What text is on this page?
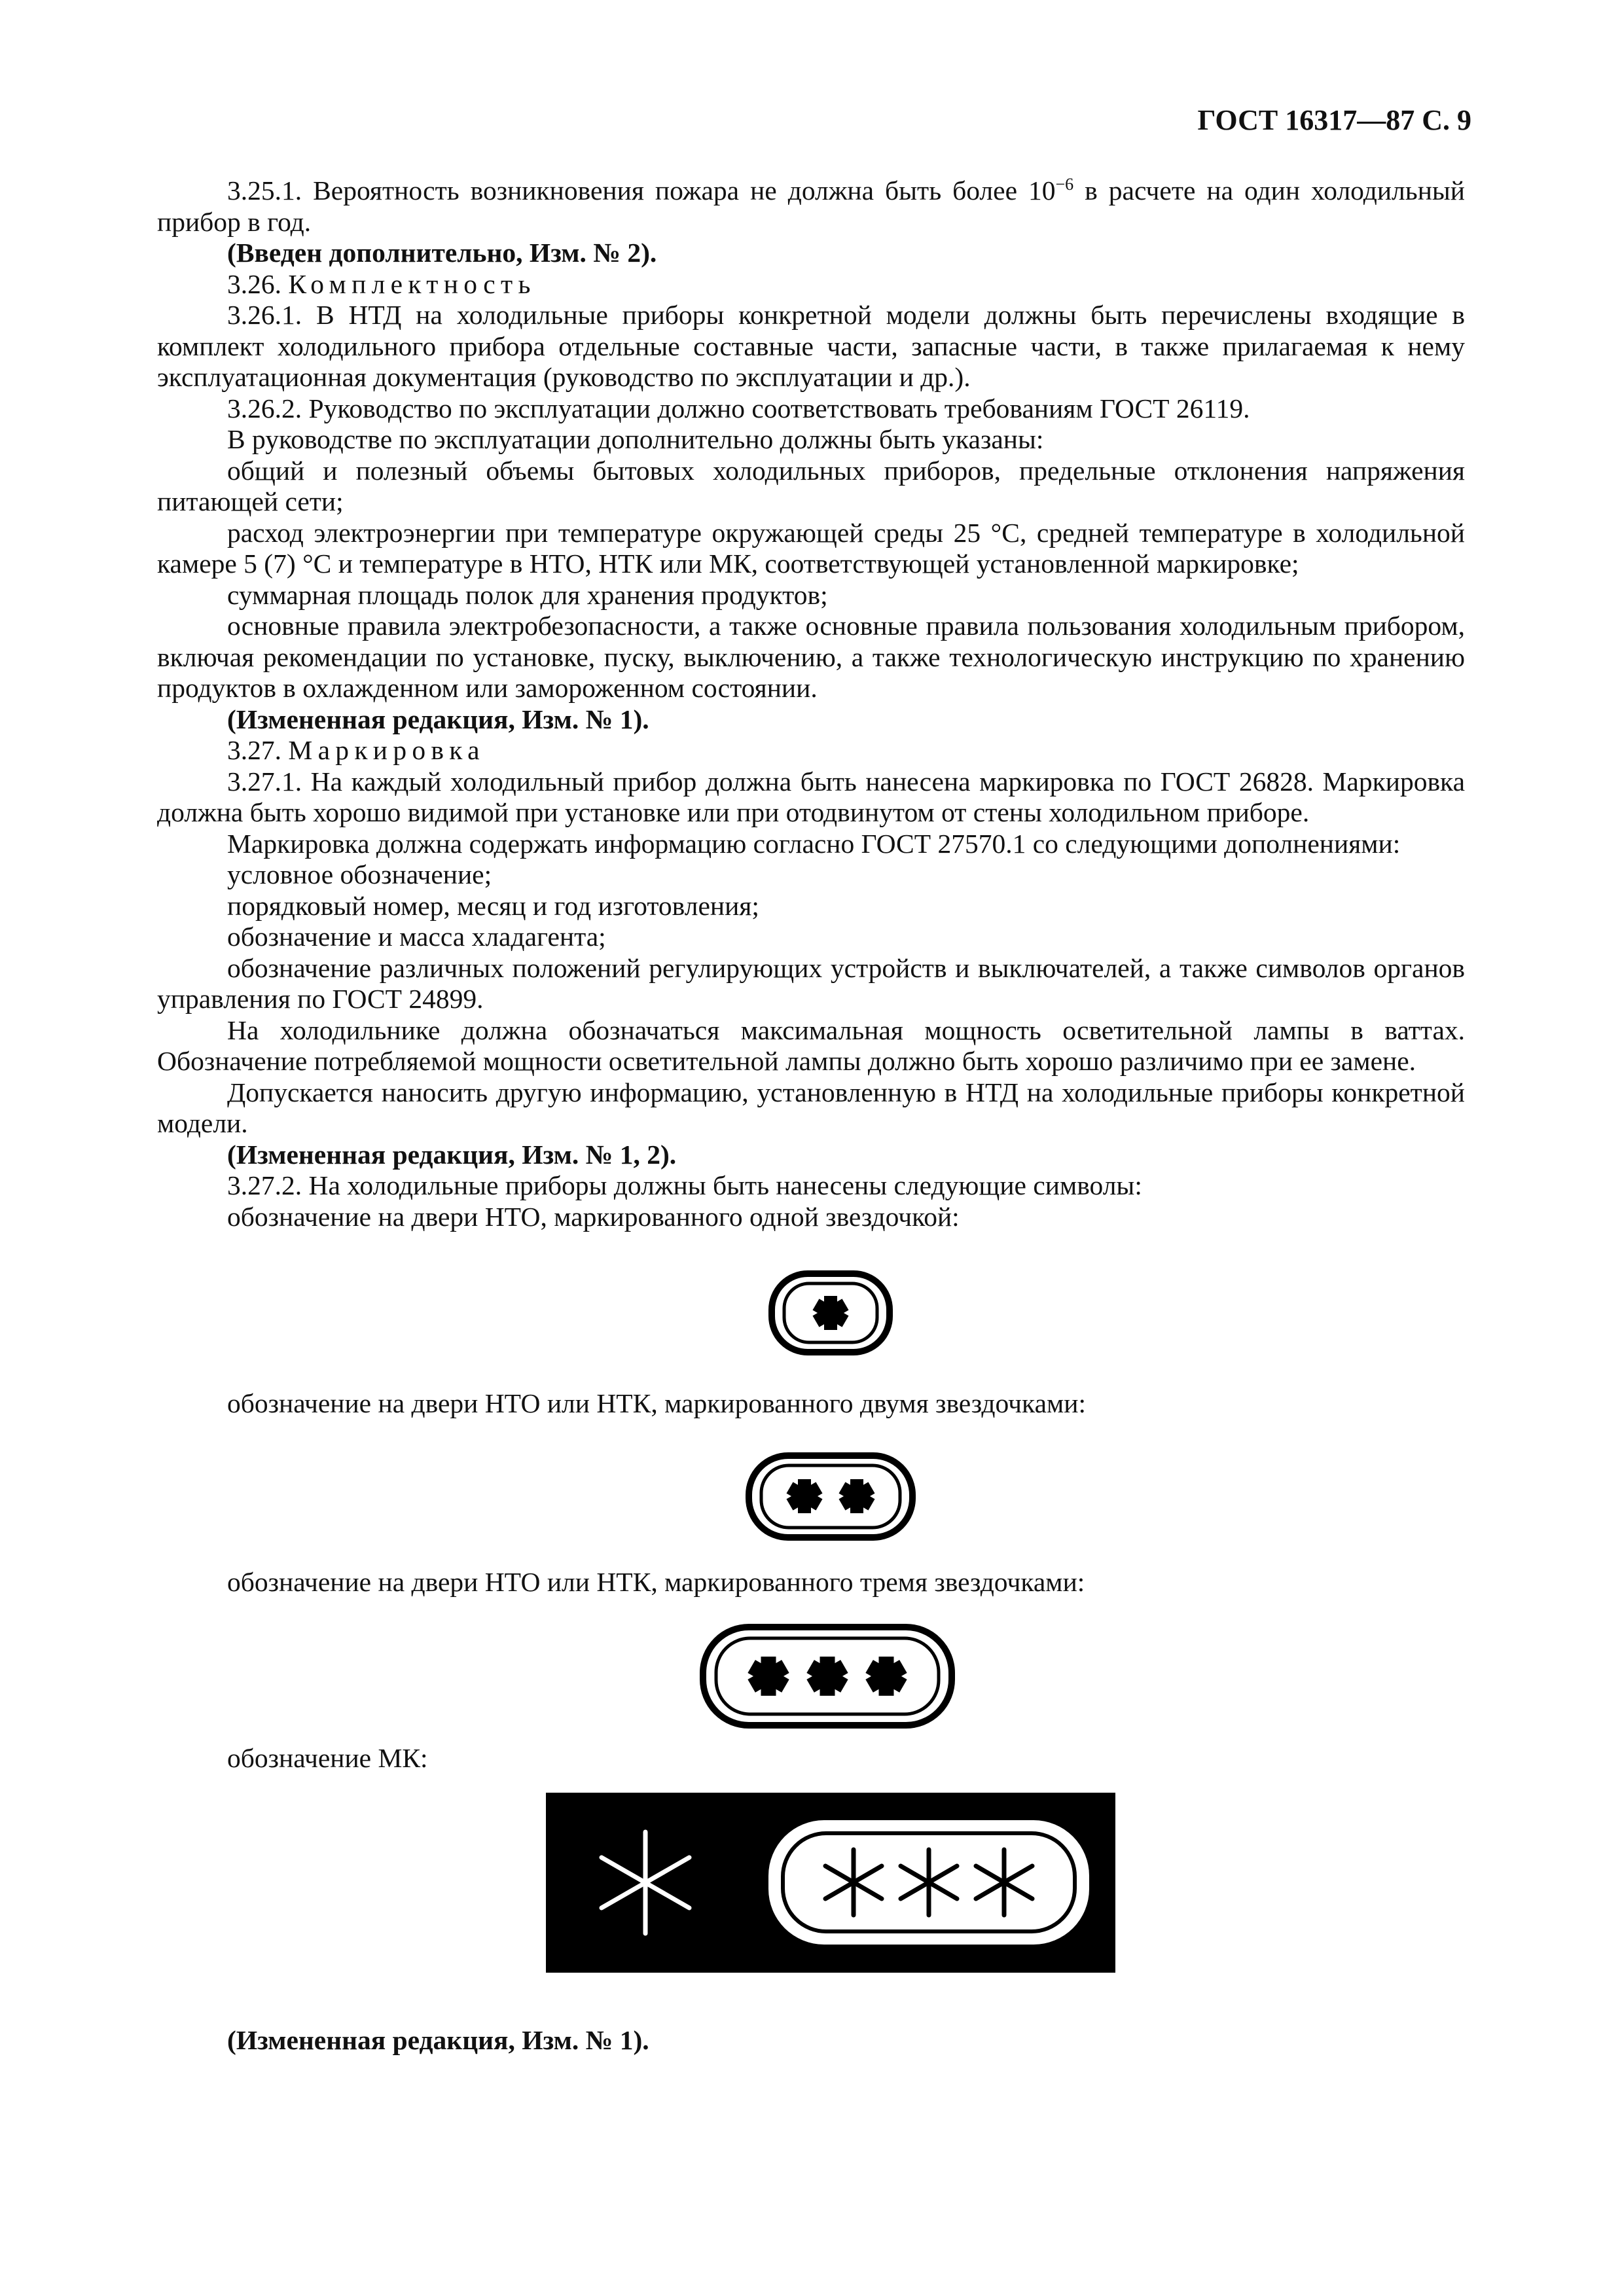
ГОСТ 16317—87 С. 9

3.25.1. Вероятность возникновения пожара не должна быть более $10^{-6}$ в расчете на один холодильный прибор в год.

(Введен дополнительно, Изм. № 2).

3.26. Комплектность

3.26.1. В НТД на холодильные приборы конкретной модели должны быть перечислены входящие в комплект холодильного прибора отдельные составные части, запасные части, в также прилагаемая к нему эксплуатационная документация (руководство по эксплуатации и др.).

3.26.2. Руководство по эксплуатации должно соответствовать требованиям ГОСТ 26119.

В руководстве по эксплуатации дополнительно должны быть указаны:

общий и полезный объемы бытовых холодильных приборов, предельные отклонения напряжения питающей сети;

расход электроэнергии при температуре окружающей среды 25 °С, средней температуре в холодильной камере 5 (7) °С и температуре в НТО, НТК или МК, соответствующей установленной маркировке;

суммарная площадь полок для хранения продуктов;

основные правила электробезопасности, а также основные правила пользования холодильным прибором, включая рекомендации по установке, пуску, выключению, а также технологическую инструкцию по хранению продуктов в охлажденном или замороженном состоянии.

(Измененная редакция, Изм. № 1).

3.27. Маркировка

3.27.1. На каждый холодильный прибор должна быть нанесена маркировка по ГОСТ 26828. Маркировка должна быть хорошо видимой при установке или при отодвинутом от стены холодильном приборе.

Маркировка должна содержать информацию согласно ГОСТ 27570.1 со следующими дополнениями:

условное обозначение;

порядковый номер, месяц и год изготовления;

обозначение и масса хладагента;

обозначение различных положений регулирующих устройств и выключателей, а также символов органов управления по ГОСТ 24899.

На холодильнике должна обозначаться максимальная мощность осветительной лампы в ваттах. Обозначение потребляемой мощности осветительной лампы должно быть хорошо различимо при ее замене.

Допускается наносить другую информацию, установленную в НТД на холодильные приборы конкретной модели.

(Измененная редакция, Изм. № 1, 2).

3.27.2. На холодильные приборы должны быть нанесены следующие символы:

обозначение на двери НТО, маркированного одной звездочкой:

обозначение на двери НТО или НТК, маркированного двумя звездочками:

обозначение на двери НТО или НТК, маркированного тремя звездочками:

обозначение МК:

(Измененная редакция, Изм. № 1).
